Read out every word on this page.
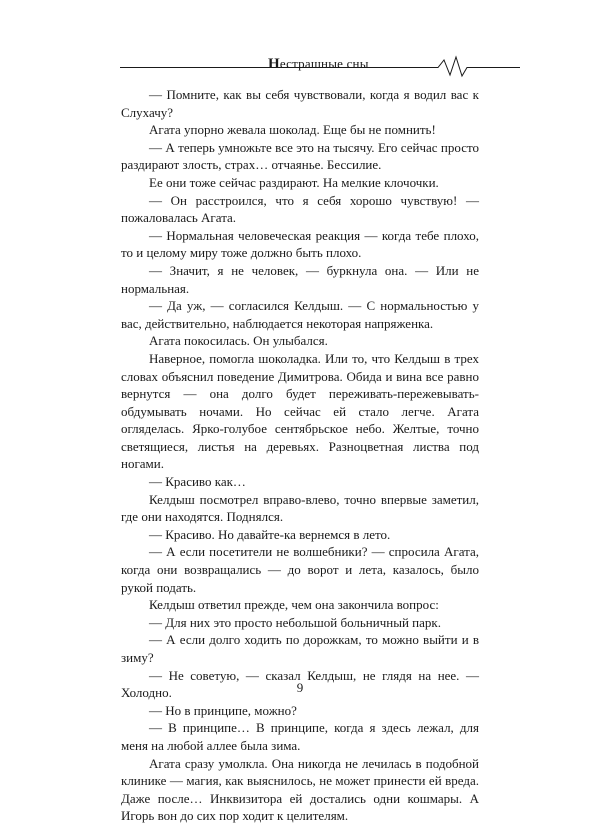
Нестрашные сны

— Помните, как вы себя чувствовали, когда я водил вас к Слухачу?

Агата упорно жевала шоколад. Еще бы не помнить!

— А теперь умножьте все это на тысячу. Его сейчас просто раздирают злость, страх… отчаянье. Бессилие.

Ее они тоже сейчас раздирают. На мелкие клочочки.

— Он расстроился, что я себя хорошо чувствую! — пожаловалась Агата.

— Нормальная человеческая реакция — когда тебе плохо, то и целому миру тоже должно быть плохо.

— Значит, я не человек, — буркнула она. — Или не нормальная.

— Да уж, — согласился Келдыш. — С нормальностью у вас, действительно, наблюдается некоторая напряженка.

Агата покосилась. Он улыбался.

Наверное, помогла шоколадка. Или то, что Келдыш в трех словах объяснил поведение Димитрова. Обида и вина все равно вернутся — она долго будет переживать-пережевывать-обдумывать ночами. Но сейчас ей стало легче. Агата огляделась. Ярко-голубое сентябрьское небо. Желтые, точно светящиеся, листья на деревьях. Разноцветная листва под ногами.

— Красиво как…

Келдыш посмотрел вправо-влево, точно впервые заметил, где они находятся. Поднялся.

— Красиво. Но давайте-ка вернемся в лето.

— А если посетители не волшебники? — спросила Агата, когда они возвращались — до ворот и лета, казалось, было рукой подать.

Келдыш ответил прежде, чем она закончила вопрос:

— Для них это просто небольшой больничный парк.

— А если долго ходить по дорожкам, то можно выйти и в зиму?

— Не советую, — сказал Келдыш, не глядя на нее. — Холодно.

— Но в принципе, можно?

— В принципе… В принципе, когда я здесь лежал, для меня на любой аллее была зима.

Агата сразу умолкла. Она никогда не лечилась в подобной клинике — магия, как выяснилось, не может принести ей вреда. Даже после… Инквизитора ей достались одни кошмары. А Игорь вон до сих пор ходит к целителям.

9
